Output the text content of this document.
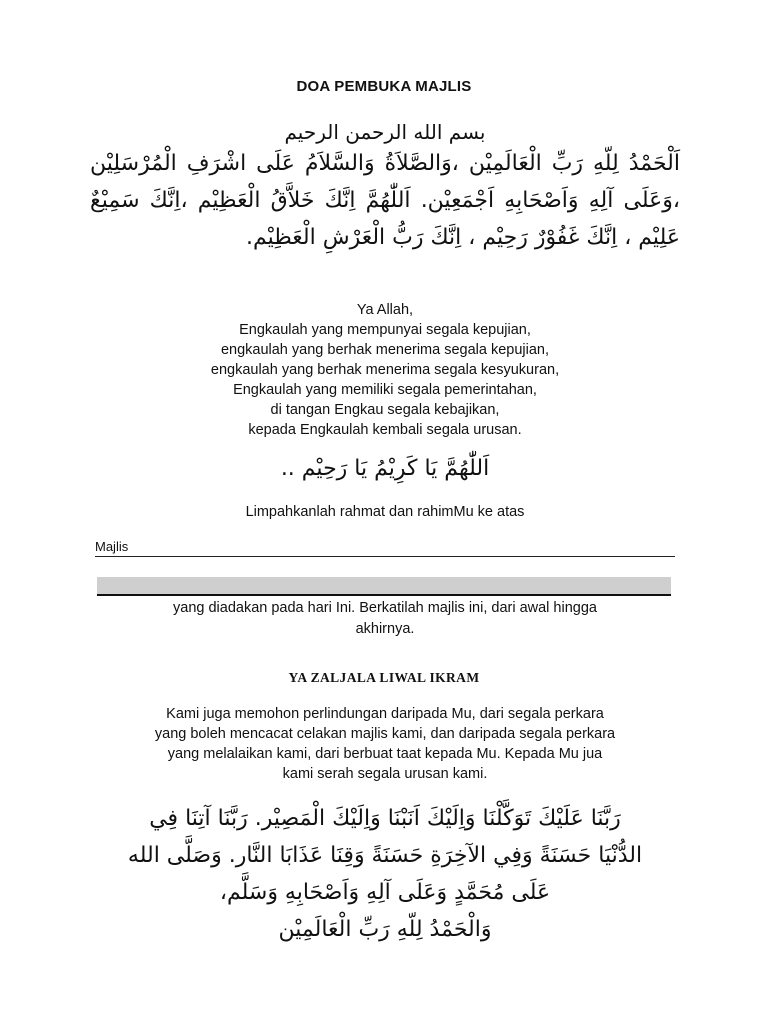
DOA PEMBUKA MAJLIS
بسم الله الرحمن الرحيم
اَلْحَمْدُ لِلّهِ رَبِّ الْعَالَمِيْن ،وَالصَّلاَةُ وَالسَّلاَمُ عَلَى اشْرَفِ الْمُرْسَلِيْن ،وَعَلَى آلِهِ وَاَصْحَابِهِ اَجْمَعِيْن. اَللّٰهُمَّ اِنَّكَ خَلاَّقُ الْعَظِيْم ،اِنَّكَ سَمِيْعٌ عَلِيْم ، اِنَّكَ غَفُوْرٌ رَحِيْم ، اِنَّكَ رَبُّ الْعَرْشِ الْعَظِيْم.
Ya Allah,
Engkaulah yang mempunyai segala kepujian,
engkaulah yang berhak menerima segala kepujian,
engkaulah yang berhak menerima segala kesyukuran,
Engkaulah yang memiliki segala pemerintahan,
di tangan Engkau segala kebajikan,
kepada Engkaulah kembali segala urusan.
اَللّٰهُمَّ يَا كَرِيْمُ يَا رَحِيْم ..
Limpahkanlah rahmat dan rahimMu ke atas
Majlis
yang diadakan pada hari Ini. Berkatilah majlis ini, dari awal hingga
akhirnya.
YA ZALJALA LIWAL IKRAM
Kami juga memohon perlindungan daripada Mu, dari segala perkara
yang boleh mencacat celakan majlis kami, dan daripada segala perkara
yang melalaikan kami, dari berbuat taat kepada Mu. Kepada Mu jua
kami serah segala urusan kami.
رَبَّنَا عَلَيْكَ تَوَكَّلْنَا وَاِلَيْكَ اَنَبْنَا وَاِلَيْكَ الْمَصِيْر. رَبَّنَا آتِنَا فِي
الدُّنْيَا حَسَنَةً وَفِي الآخِرَةِ حَسَنَةً وَقِنَا عَذَابَا النَّار. وَصَلَّى الله
عَلَى مُحَمَّدٍ وَعَلَى آلِهِ وَاَصْحَابِهِ وَسَلَّم،
وَالْحَمْدُ لِلّهِ رَبِّ الْعَالَمِيْن
